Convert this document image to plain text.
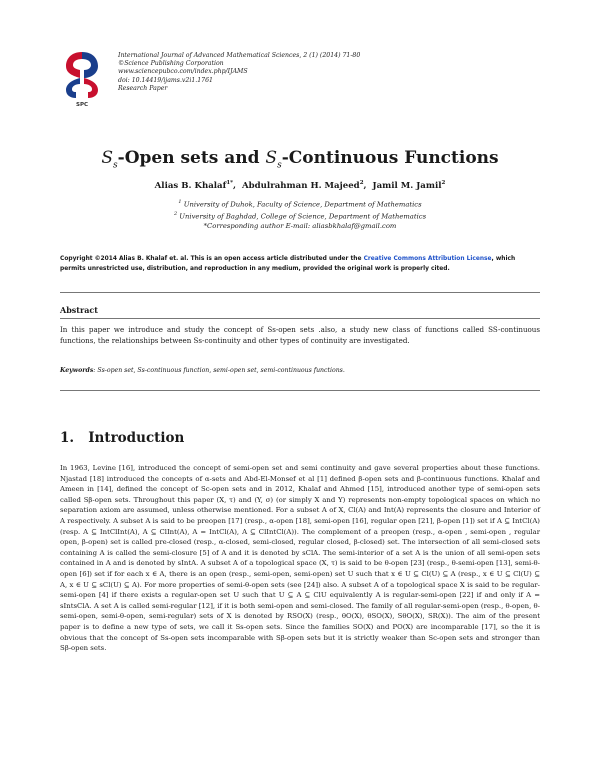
SPC
International Journal of Advanced Mathematical Sciences, 2 (1) (2014) 71-80
©Science Publishing Corporation
www.sciencepubco.com/index.php/IJAMS
doi: 10.14419/ijams.v2i1.1761
Research Paper
$S_s$-Open sets and $S_s$-Continuous Functions
Alias B. Khalaf$^{1*}$,  Abdulrahman H. Majeed$^2$,  Jamil M. Jamil$^2$
$^1$ University of Duhok, Faculty of Science, Department of Mathematics
$^2$ University of Baghdad, College of Science, Department of Mathematics
*Corresponding author E-mail: aliasbkhalaf@gmail.com
Copyright ©2014 Alias B. Khalaf et. al. This is an open access article distributed under the Creative Commons Attribution License, which permits unrestricted use, distribution, and reproduction in any medium, provided the original work is properly cited.
Abstract
In this paper we introduce and study the concept of Ss-open sets .also, a study new class of functions called SS-continuous functions, the relationships between Ss-continuity and other types of continuity are investigated.
Keywords: Ss-open set, Ss-continuous function, semi-open set, semi-continuous functions.
1. Introduction
In 1963, Levine [16], introduced the concept of semi-open set and semi continuity and gave several properties about these functions. Njastad [18] introduced the concepts of α-sets and Abd-El-Monsef et al [1] defined β-open sets and β-continuous functions. Khalaf and Ameen in [14], defined the concept of Sc-open sets and in 2012, Khalaf and Ahmed [15], introduced another type of semi-open sets called Sβ-open sets. Throughout this paper (X, τ) and (Y, σ) (or simply X and Y) represents non-empty topological spaces on which no separation axiom are assumed, unless otherwise mentioned. For a subset A of X, Cl(A) and Int(A) represents the closure and Interior of A respectively. A subset A is said to be preopen [17] (resp., α-open [18], semi-open [16], regular open [21], β-open [1]) set if A ⊆ IntCl(A) (resp. A ⊆ IntClInt(A), A ⊆ ClInt(A), A = IntCl(A), A ⊆ ClIntCl(A)). The complement of a preopen (resp., α-open , semi-open , regular open, β-open) set is called pre-closed (resp., α-closed, semi-closed, regular closed, β-closed) set. The intersection of all semi-closed sets containing A is called the semi-closure [5] of A and it is denoted by sClA. The semi-interior of a set A is the union of all semi-open sets contained in A and is denoted by sIntA. A subset A of a topological space (X, τ) is said to be θ-open [23] (resp., θ-semi-open [13], semi-θ-open [6]) set if for each x ∈ A, there is an open (resp., semi-open, semi-open) set U such that x ∈ U ⊆ Cl(U) ⊆ A (resp., x ∈ U ⊆ Cl(U) ⊆ A, x ∈ U ⊆ sCl(U) ⊆ A). For more properties of semi-θ-open sets (see [24]) also. A subset A of a topological space X is said to be regular-semi-open [4] if there exists a regular-open set U such that U ⊆ A ⊆ ClU equivalently A is regular-semi-open [22] if and only if A = sIntsClA. A set A is called semi-regular [12], if it is both semi-open and semi-closed. The family of all regular-semi-open (resp., θ-open, θ-semi-open, semi-θ-open, semi-regular) sets of X is denoted by RSO(X) (resp., θO(X), θSO(X), SθO(X), SR(X)). The aim of the present paper is to define a new type of sets, we call it Ss-open sets. Since the families SO(X) and PO(X) are incomparable [17], so the it is obvious that the concept of Ss-open sets incomparable with Sβ-open sets but it is strictly weaker than Sc-open sets and stronger than Sβ-open sets.
